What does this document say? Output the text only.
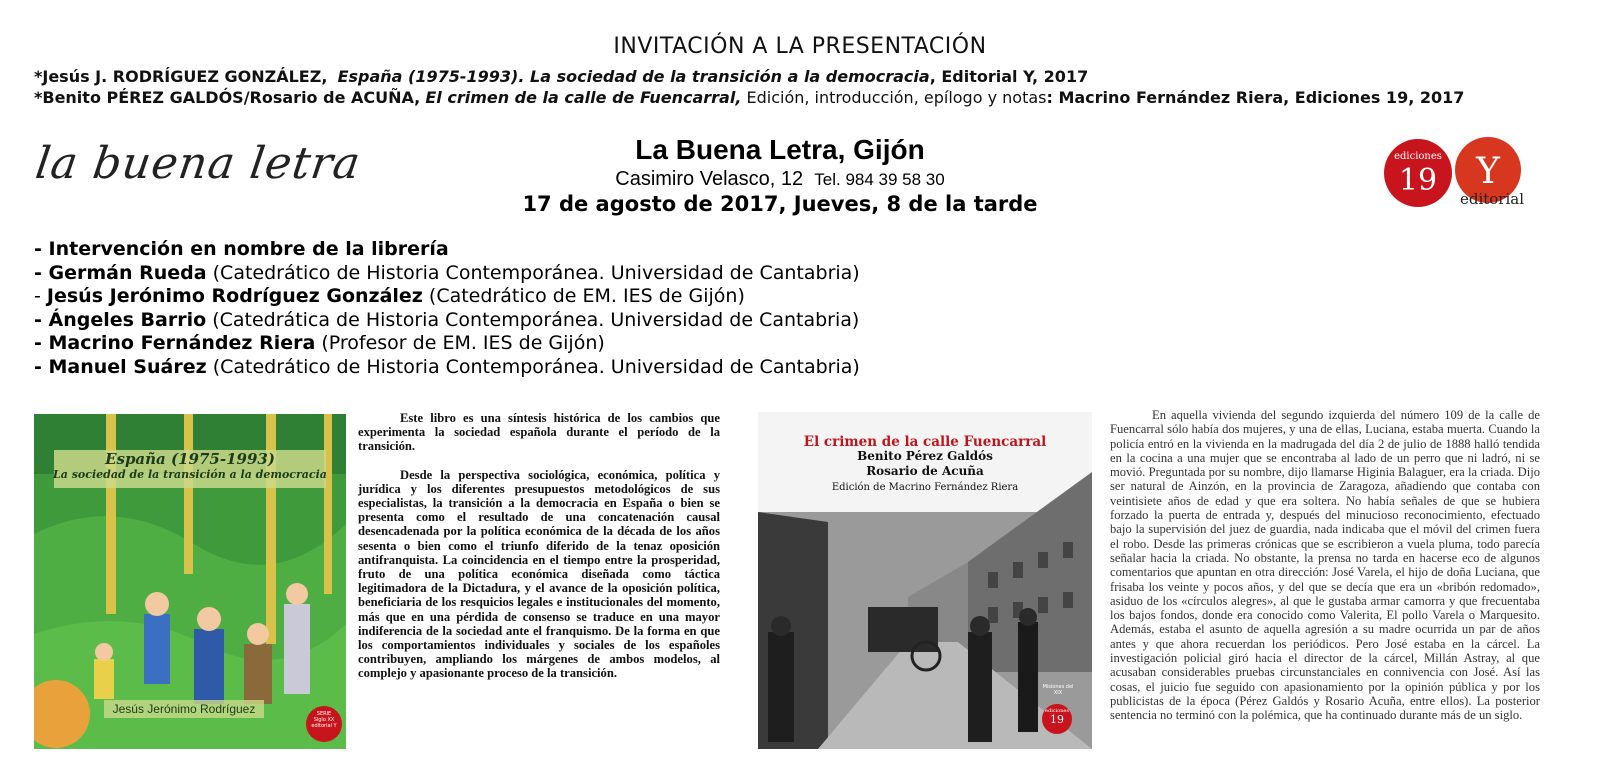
INVITACIÓN A LA PRESENTACIÓN
*Jesús J. RODRÍGUEZ GONZÁLEZ, España (1975-1993). La sociedad de la transición a la democracia, Editorial Y, 2017
*Benito PÉREZ GALDÓS/Rosario de ACUÑA, El crimen de la calle de Fuencarral, Edición, introducción, epílogo y notas: Macrino Fernández Riera, Ediciones 19, 2017
la buena letra	La Buena Letra, Gijón
Casimiro Velasco, 12 Tel. 984 39 58 30
17 de agosto de 2017, Jueves, 8 de la tarde
ediciones
19	Y
editorial
- Intervención en nombre de la librería
- Germán Rueda (Catedrático de Historia Contemporánea. Universidad de Cantabria)
- Jesús Jerónimo Rodríguez González (Catedrático de EM. IES de Gijón)
- Ángeles Barrio (Catedrática de Historia Contemporánea. Universidad de Cantabria)
- Macrino Fernández Riera (Profesor de EM. IES de Gijón)
- Manuel Suárez (Catedrático de Historia Contemporánea. Universidad de Cantabria)
España (1975-1993)
La sociedad de la transición a la democracia
Jesús Jerónimo Rodríguez	SERIE
Siglo XX
editorial Y

Este libro es una síntesis histórica de los cambios que experimenta la sociedad española durante el período de la transición.

Desde la perspectiva sociológica, económica, política y jurídica y los diferentes presupuestos metodológicos de sus especialistas, la transición a la democracia en España o bien se presenta como el resultado de una concatenación causal desencadenada por la política económica de la década de los años sesenta o bien como el triunfo diferido de la tenaz oposición antifranquista. La coincidencia en el tiempo entre la prosperidad, fruto de una política económica diseñada como táctica legitimadora de la Dictadura, y el avance de la oposición política, beneficiaria de los resquicios legales e institucionales del momento, más que en una pérdida de consenso se traduce en una mayor indiferencia de la sociedad ante el franquismo. De la forma en que los comportamientos individuales y sociales de los españoles contribuyen, ampliando los márgenes de ambos modelos, al complejo y apasionante proceso de la transición.

El crimen de la calle Fuencarral
Benito Pérez Galdós
Rosario de Acuña
Edición de Macrino Fernández Riera
Misiones del
XIX
ediciones
19

En aquella vivienda del segundo izquierda del número 109 de la calle de Fuencarral sólo había dos mujeres, y una de ellas, Luciana, estaba muerta. Cuando la policía entró en la vivienda en la madrugada del día 2 de julio de 1888 halló tendida en la cocina a una mujer que se encontraba al lado de un perro que ni ladró, ni se movió. Preguntada por su nombre, dijo llamarse Higinia Balaguer, era la criada. Dijo ser natural de Ainzón, en la provincia de Zaragoza, añadiendo que contaba con veintisiete años de edad y que era soltera. No había señales de que se hubiera forzado la puerta de entrada y, después del minucioso reconocimiento, efectuado bajo la supervisión del juez de guardia, nada indicaba que el móvil del crimen fuera el robo. Desde las primeras crónicas que se escribieron a vuela pluma, todo parecía señalar hacia la criada. No obstante, la prensa no tarda en hacerse eco de algunos comentarios que apuntan en otra dirección: José Varela, el hijo de doña Luciana, que frisaba los veinte y pocos años, y del que se decía que era un «bribón redomado», asiduo de los «círculos alegres», al que le gustaba armar camorra y que frecuentaba los bajos fondos, donde era conocido como Valerita, El pollo Varela o Marquesito. Además, estaba el asunto de aquella agresión a su madre ocurrida un par de años antes y que ahora recuerdan los periódicos. Pero José estaba en la cárcel. La investigación policial giró hacia el director de la cárcel, Millán Astray, al que acusaban considerables pruebas circunstanciales en connivencia con José. Así las cosas, el juicio fue seguido con apasionamiento por la opinión pública y por los publicistas de la época (Pérez Galdós y Rosario Acuña, entre ellos). La posterior sentencia no terminó con la polémica, que ha continuado durante más de un siglo.
